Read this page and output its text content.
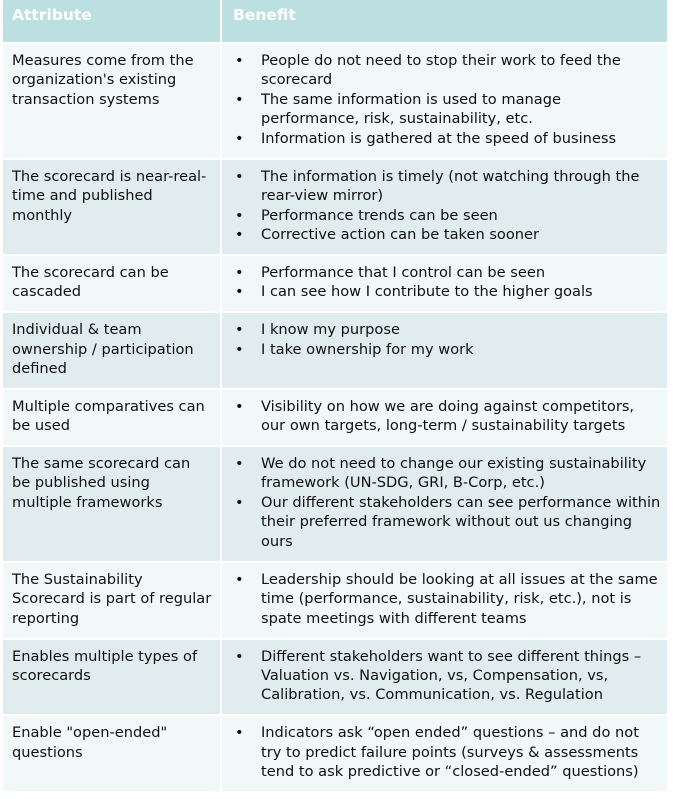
Attribute	Benefit
Measures come from the organization's existing transaction systems	
• People do not need to stop their work to feed the scorecard
• The same information is used to manage performance, risk, sustainability, etc.
• Information is gathered at the speed of business

The scorecard is near-real-time and published monthly	
• The information is timely (not watching through the rear-view mirror)
• Performance trends can be seen
• Corrective action can be taken sooner

The scorecard can be cascaded	
• Performance that I control can be seen
• I can see how I contribute to the higher goals

Individual & team ownership / participation defined	
• I know my purpose
• I take ownership for my work

Multiple comparatives can be used	
• Visibility on how we are doing against competitors, our own targets, long-term / sustainability targets

The same scorecard can be published using multiple frameworks	
• We do not need to change our existing sustainability framework (UN-SDG, GRI, B-Corp, etc.)
• Our different stakeholders can see performance within their preferred framework without out us changing ours

The Sustainability Scorecard is part of regular reporting	
• Leadership should be looking at all issues at the same time (performance, sustainability, risk, etc.), not is spate meetings with different teams

Enables multiple types of scorecards	
• Different stakeholders want to see different things – Valuation vs. Navigation, vs, Compensation, vs, Calibration, vs. Communication, vs. Regulation

Enable "open-ended" questions	
• Indicators ask “open ended” questions – and do not try to predict failure points (surveys & assessments tend to ask predictive or “closed-ended” questions)
